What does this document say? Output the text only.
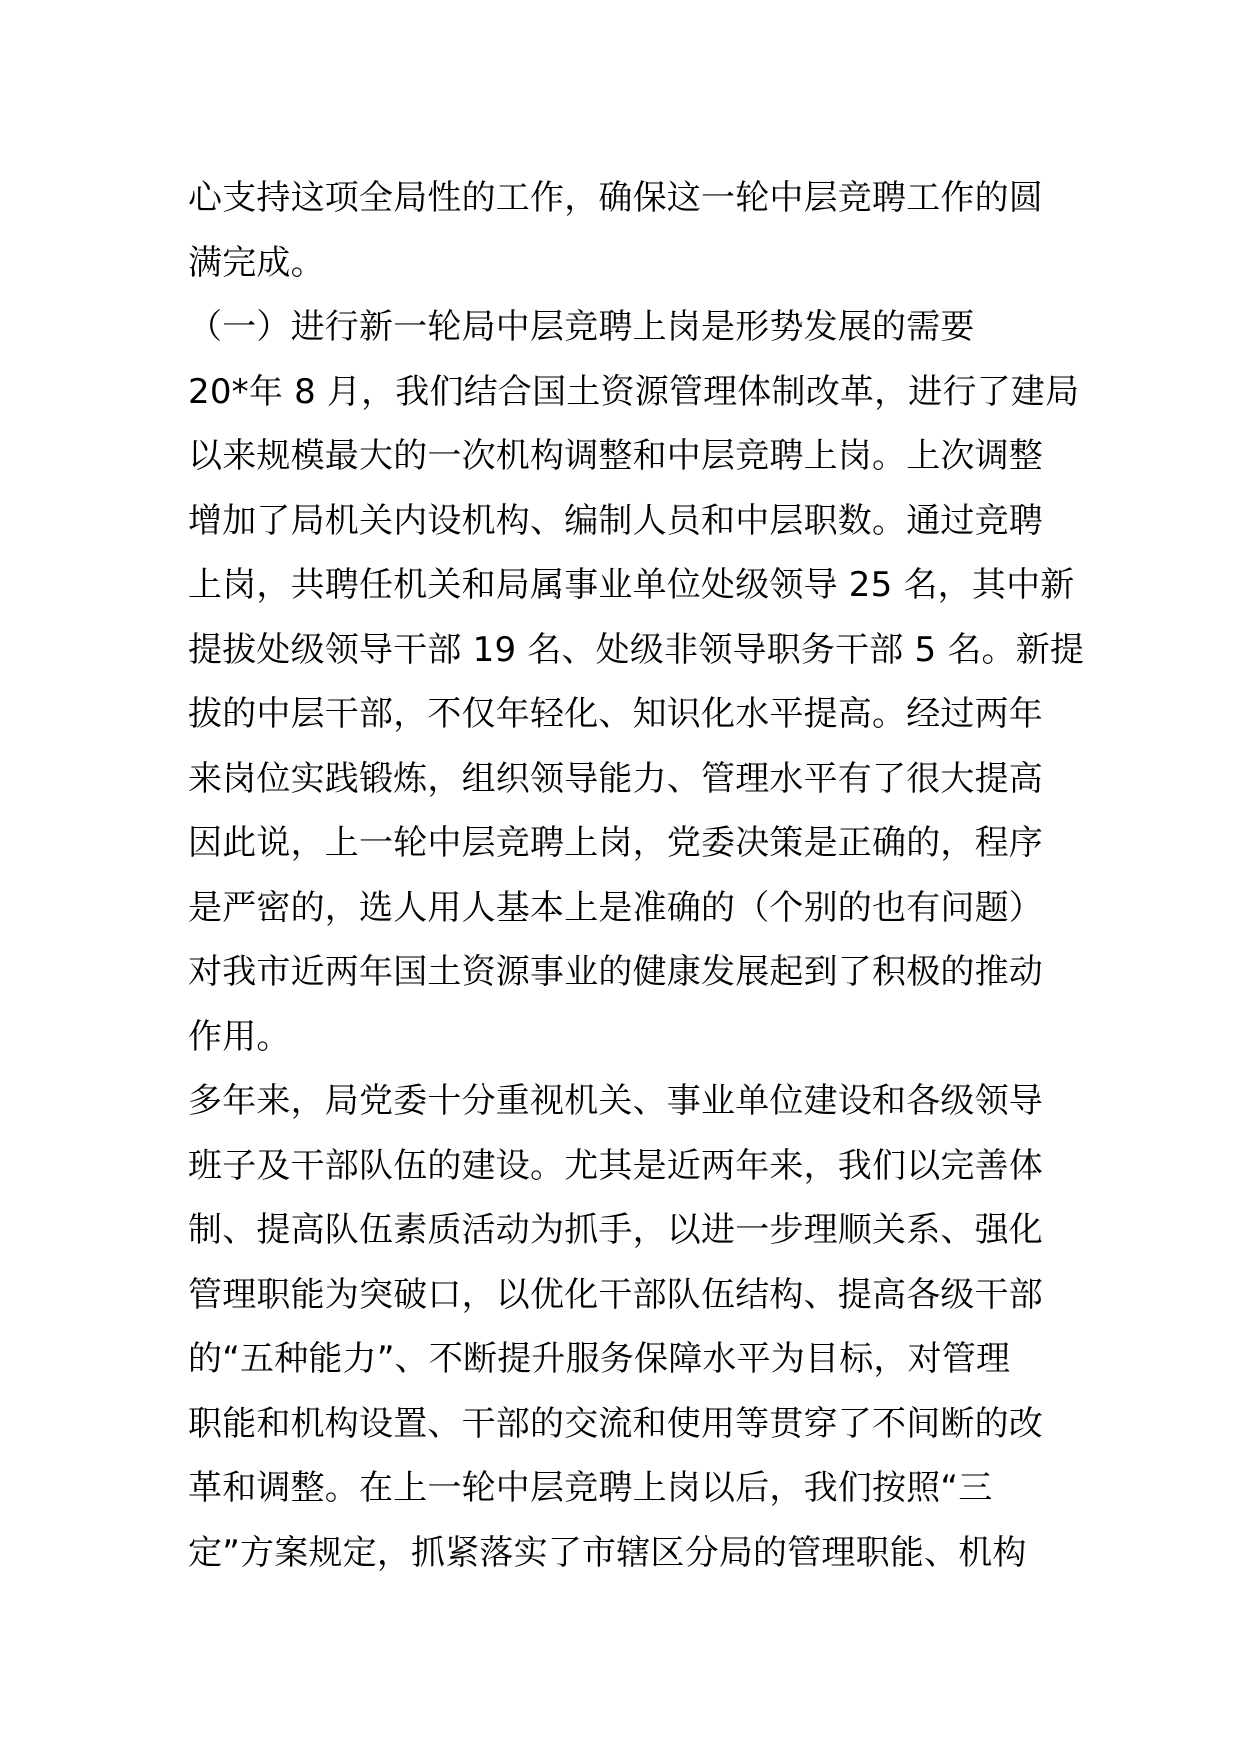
心支持这项全局性的工作，确保这一轮中层竞聘工作的圆
满完成。
（一）进行新一轮局中层竞聘上岗是形势发展的需要
20*年 8 月，我们结合国土资源管理体制改革，进行了建局
以来规模最大的一次机构调整和中层竞聘上岗。上次调整
增加了局机关内设机构、编制人员和中层职数。通过竞聘
上岗，共聘任机关和局属事业单位处级领导 25 名，其中新
提拔处级领导干部 19 名、处级非领导职务干部 5 名。新提
拔的中层干部，不仅年轻化、知识化水平提高。经过两年
来岗位实践锻炼，组织领导能力、管理水平有了很大提高
因此说，上一轮中层竞聘上岗，党委决策是正确的，程序
是严密的，选人用人基本上是准确的（个别的也有问题）
对我市近两年国土资源事业的健康发展起到了积极的推动
作用。
多年来，局党委十分重视机关、事业单位建设和各级领导
班子及干部队伍的建设。尤其是近两年来，我们以完善体
制、提高队伍素质活动为抓手，以进一步理顺关系、强化
管理职能为突破口，以优化干部队伍结构、提高各级干部
的“五种能力”、不断提升服务保障水平为目标，对管理
职能和机构设置、干部的交流和使用等贯穿了不间断的改
革和调整。在上一轮中层竞聘上岗以后，我们按照“三
定”方案规定，抓紧落实了市辖区分局的管理职能、机构
